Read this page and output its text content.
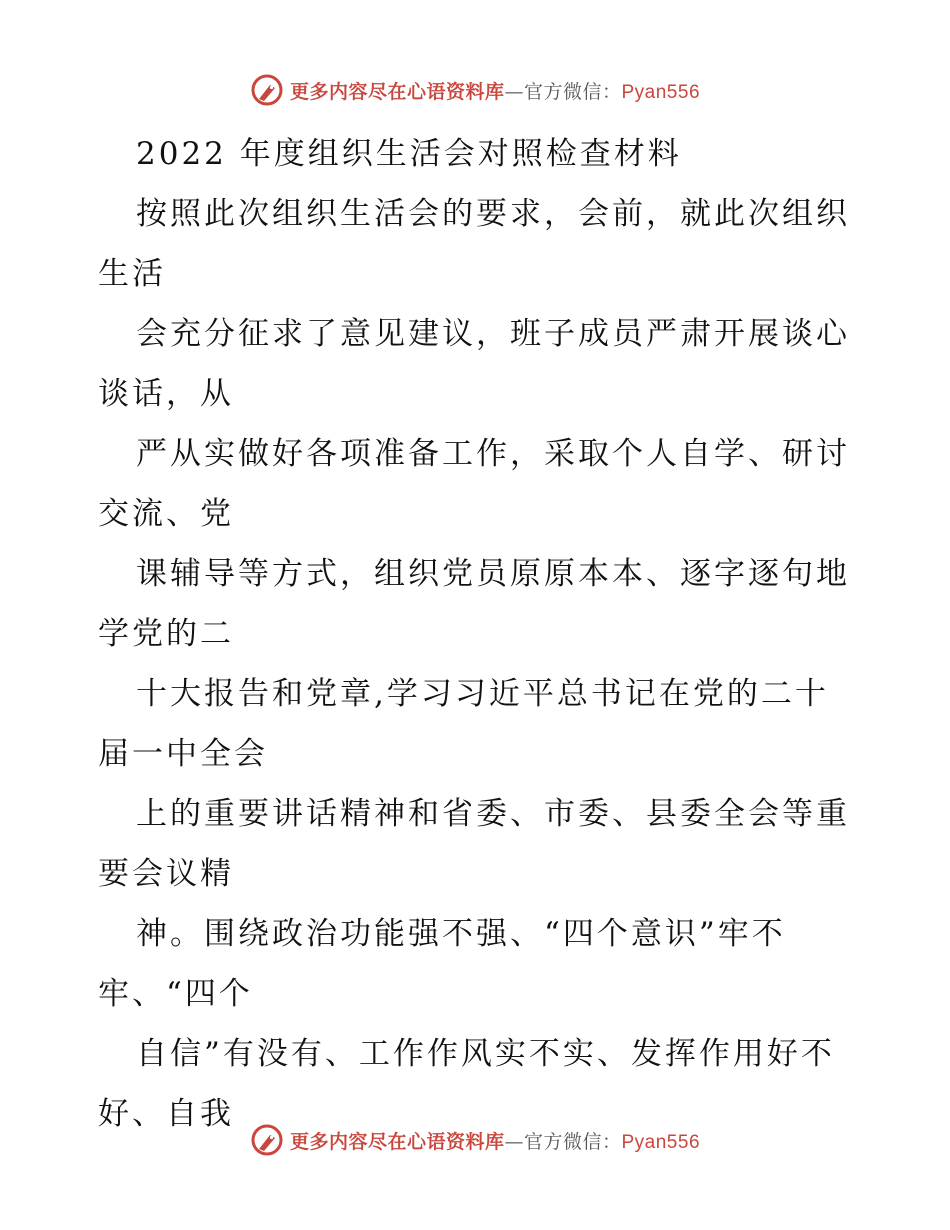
更多内容尽在心语资料库—官方微信：Pyan556
2022 年度组织生活会对照检查材料
按照此次组织生活会的要求，会前，就此次组织
生活
会充分征求了意见建议，班子成员严肃开展谈心
谈话，从
严从实做好各项准备工作，采取个人自学、研讨
交流、党
课辅导等方式，组织党员原原本本、逐字逐句地
学党的二
十大报告和党章,学习习近平总书记在党的二十
届一中全会
上的重要讲话精神和省委、市委、县委全会等重
要会议精
神。围绕政治功能强不强、“四个意识”牢不
牢、“四个
自信”有没有、工作作风实不实、发挥作用好不
好、自我
更多内容尽在心语资料库—官方微信：Pyan556
